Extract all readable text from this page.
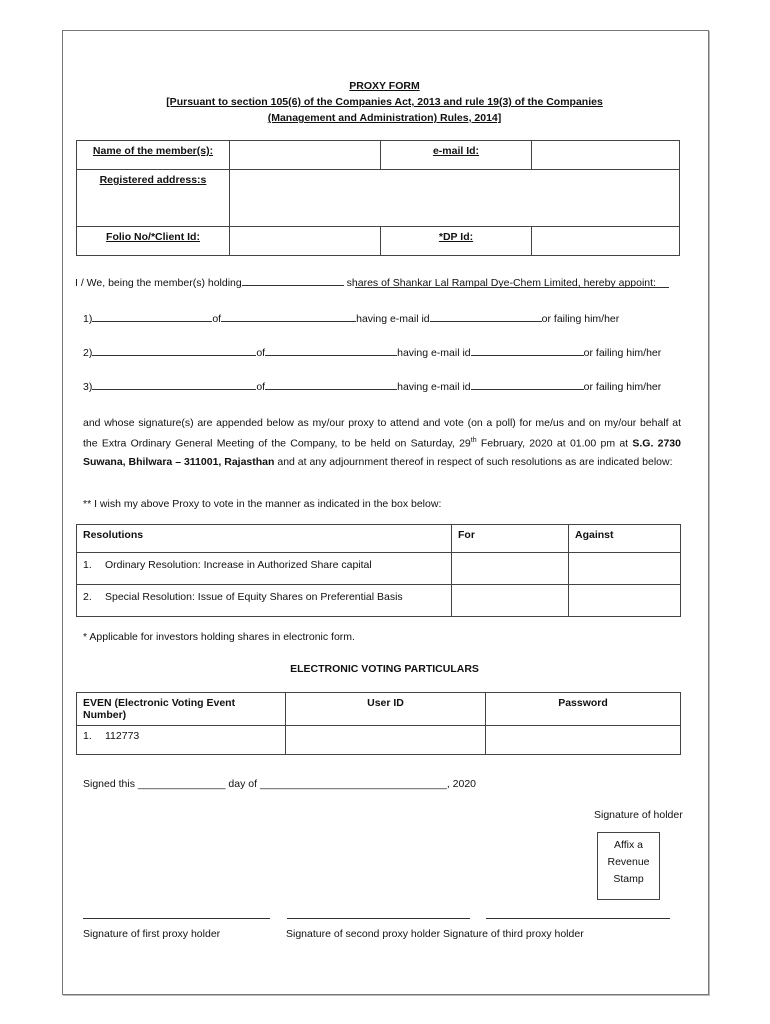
PROXY FORM
[Pursuant to section 105(6) of the Companies Act, 2013 and rule 19(3) of the Companies
(Management and Administration) Rules, 2014]
Name of the member(s):		e-mail Id:	
Registered address:s			
Folio No/*Client Id:		*DP Id:	
I / We, being the member(s) holding	shares of Shankar Lal Rampal Dye-Chem Limited, hereby appoint:
1)	of	having e-mail id	or failing him/her
2)	of	having e-mail id	or failing him/her
3)	of	having e-mail id	or failing him/her
and whose signature(s) are appended below as my/our proxy to attend and vote (on a poll) for me/us and on my/our behalf at the Extra Ordinary General Meeting of the Company, to be held on Saturday, 29th February, 2020 at 01.00 pm at S.G. 2730 Suwana, Bhilwara – 311001, Rajasthan and at any adjournment thereof in respect of such resolutions as are indicated below:
** I wish my above Proxy to vote in the manner as indicated in the box below:
Resolutions	For	Against
1. Ordinary Resolution: Increase in Authorized Share capital		
2. Special Resolution: Issue of Equity Shares on Preferential Basis		
* Applicable for investors holding shares in electronic form.
ELECTRONIC VOTING PARTICULARS
EVEN (Electronic Voting Event Number)	User ID	Password
1. 112773		
Signed this _______________ day of ________________________________, 2020
Signature of holder
Affix a
Revenue
Stamp
Signature of first proxy holder	Signature of second proxy holder Signature of third proxy holder
